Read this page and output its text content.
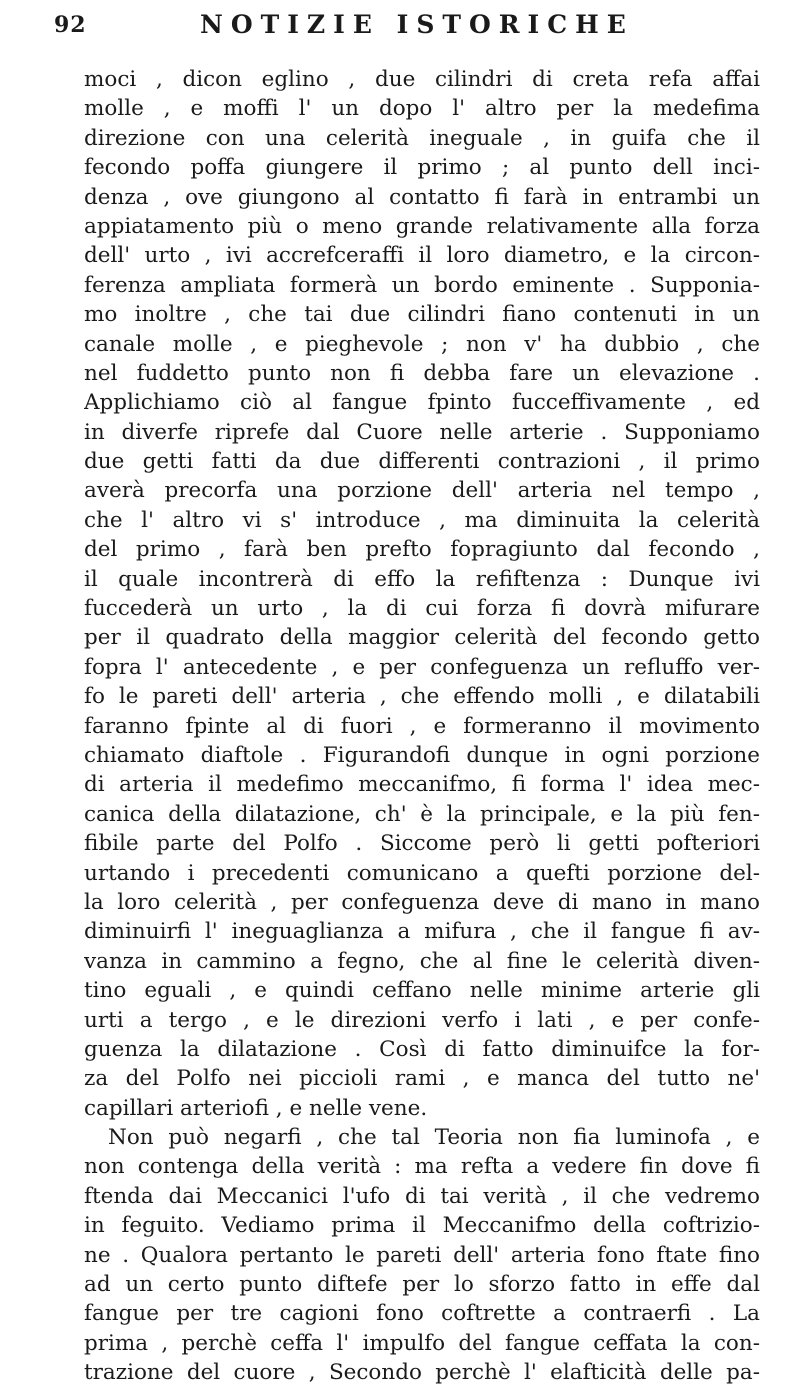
92	NOTIZIE ISTORICHE
moci , dicon eglino , due cilindri di creta refa affai
molle , e moffi l' un dopo l' altro per la medefima
direzione con una celerità ineguale , in guifa che il
fecondo poffa giungere il primo ; al punto dell inci-
denza , ove giungono al contatto fi farà in entrambi un
appiatamento più o meno grande relativamente alla forza
dell' urto , ivi accrefceraffi il loro diametro, e la circon-
ferenza ampliata formerà un bordo eminente . Supponia-
mo inoltre , che tai due cilindri fiano contenuti in un
canale molle , e pieghevole ; non v' ha dubbio , che
nel fuddetto punto non fi debba fare un elevazione .
Applichiamo ciò al fangue fpinto fucceffivamente , ed
in diverfe riprefe dal Cuore nelle arterie . Supponiamo
due getti fatti da due differenti contrazioni , il primo
averà precorfa una porzione dell' arteria nel tempo ,
che l' altro vi s' introduce , ma diminuita la celerità
del primo , farà ben prefto fopragiunto dal fecondo ,
il quale incontrerà di effo la refiftenza : Dunque ivi
fuccederà un urto , la di cui forza fi dovrà mifurare
per il quadrato della maggior celerità del fecondo getto
fopra l' antecedente , e per confeguenza un refluffo ver-
fo le pareti dell' arteria , che effendo molli , e dilatabili
faranno fpinte al di fuori , e formeranno il movimento
chiamato diaftole . Figurandofi dunque in ogni porzione
di arteria il medefimo meccanifmo, fi forma l' idea mec-
canica della dilatazione, ch' è la principale, e la più fen-
fibile parte del Polfo . Siccome però li getti pofteriori
urtando i precedenti comunicano a quefti porzione del-
la loro celerità , per confeguenza deve di mano in mano
diminuirfi l' ineguaglianza a mifura , che il fangue fi av-
vanza in cammino a fegno, che al fine le celerità diven-
tino eguali , e quindi ceffano nelle minime arterie gli
urti a tergo , e le direzioni verfo i lati , e per confe-
guenza la dilatazione . Così di fatto diminuifce la for-
za del Polfo nei piccioli rami , e manca del tutto ne'
capillari arteriofi , e nelle vene.
Non può negarfi , che tal Teoria non fia luminofa , e
non contenga della verità : ma refta a vedere fin dove fi
ftenda dai Meccanici l'ufo di tai verità , il che vedremo
in feguito. Vediamo prima il Meccanifmo della coftrizio-
ne . Qualora pertanto le pareti dell' arteria fono ftate fino
ad un certo punto diftefe per lo sforzo fatto in effe dal
fangue per tre cagioni fono coftrette a contraerfi . La
prima , perchè ceffa l' impulfo del fangue ceffata la con-
trazione del cuore , Secondo perchè l' elafticità delle pa-
